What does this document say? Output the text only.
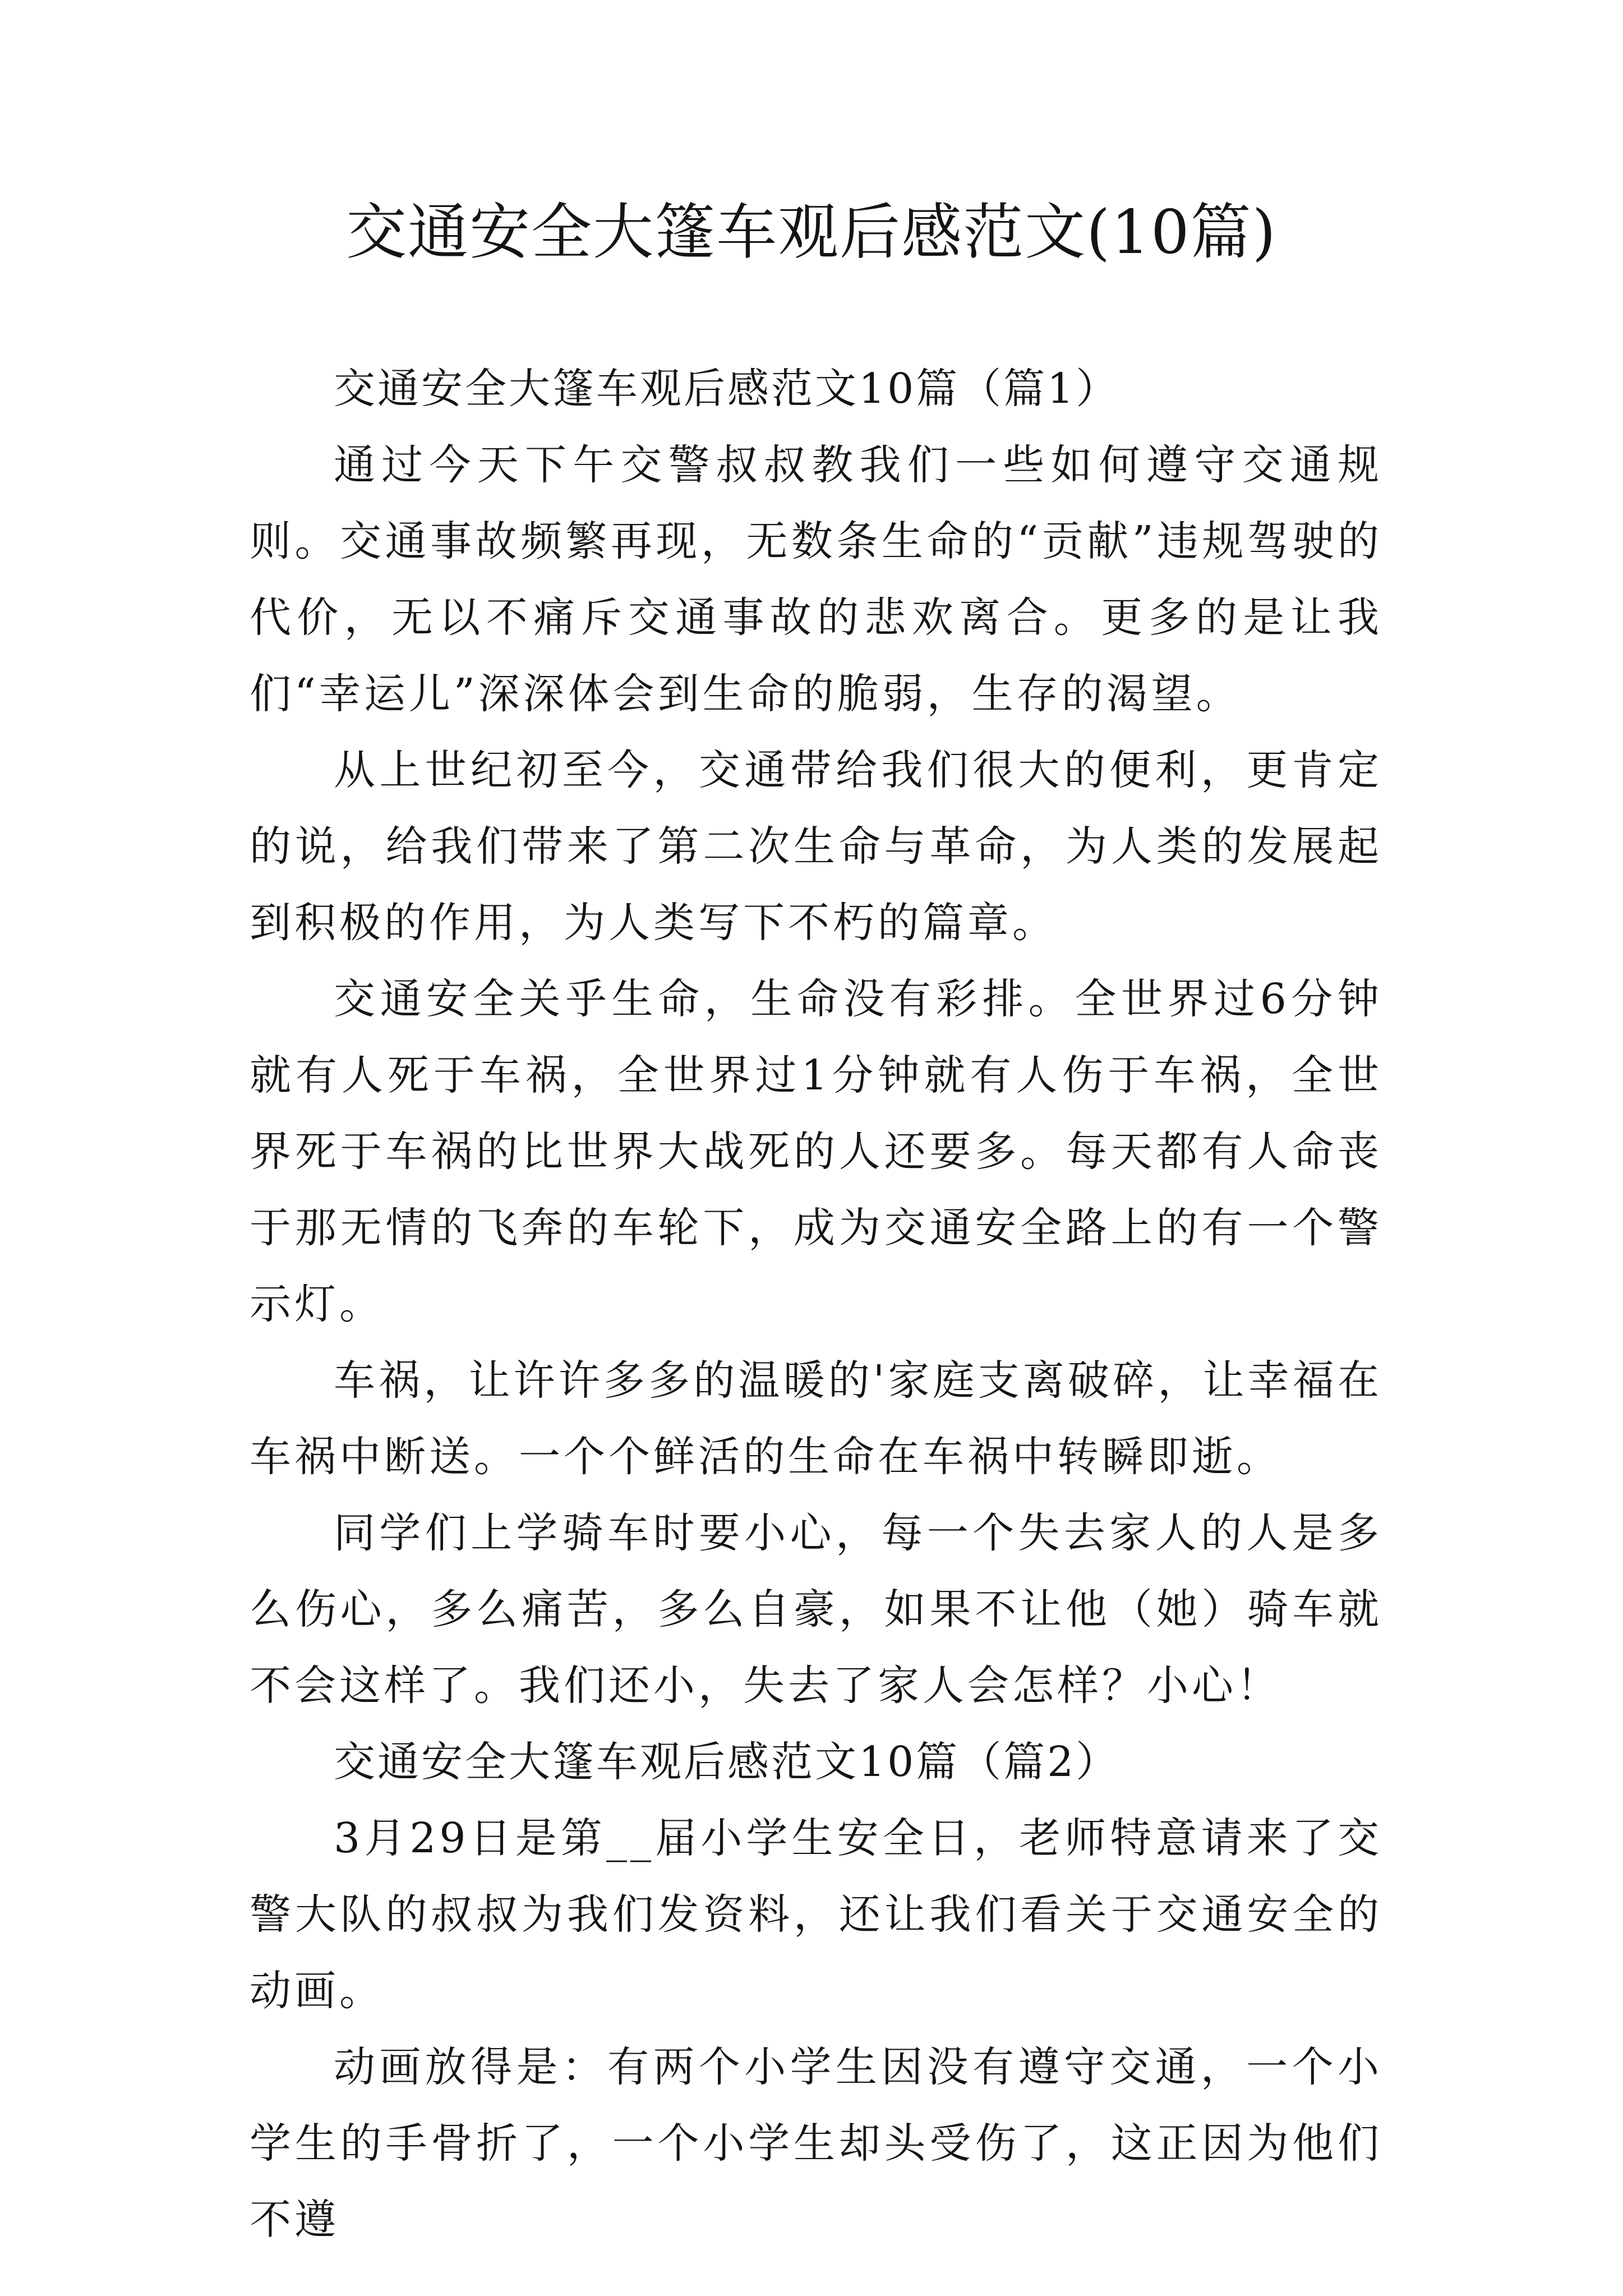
交通安全大篷车观后感范文(10篇)

交通安全大篷车观后感范文10篇（篇1）

通过今天下午交警叔叔教我们一些如何遵守交通规则。交通事故频繁再现，无数条生命的“贡献”违规驾驶的代价，无以不痛斥交通事故的悲欢离合。更多的是让我们“幸运儿”深深体会到生命的脆弱，生存的渴望。

从上世纪初至今，交通带给我们很大的便利，更肯定的说，给我们带来了第二次生命与革命，为人类的发展起到积极的作用，为人类写下不朽的篇章。

交通安全关乎生命，生命没有彩排。全世界过6分钟就有人死于车祸，全世界过1分钟就有人伤于车祸，全世界死于车祸的比世界大战死的人还要多。每天都有人命丧于那无情的飞奔的车轮下，成为交通安全路上的有一个警示灯。

车祸，让许许多多的温暖的'家庭支离破碎，让幸福在车祸中断送。一个个鲜活的生命在车祸中转瞬即逝。

同学们上学骑车时要小心，每一个失去家人的人是多么伤心，多么痛苦，多么自豪，如果不让他（她）骑车就不会这样了。我们还小，失去了家人会怎样？小心！

交通安全大篷车观后感范文10篇（篇2）

3月29日是第__届小学生安全日，老师特意请来了交警大队的叔叔为我们发资料，还让我们看关于交通安全的动画。

动画放得是：有两个小学生因没有遵守交通，一个小学生的手骨折了，一个小学生却头受伤了，这正因为他们不遵
